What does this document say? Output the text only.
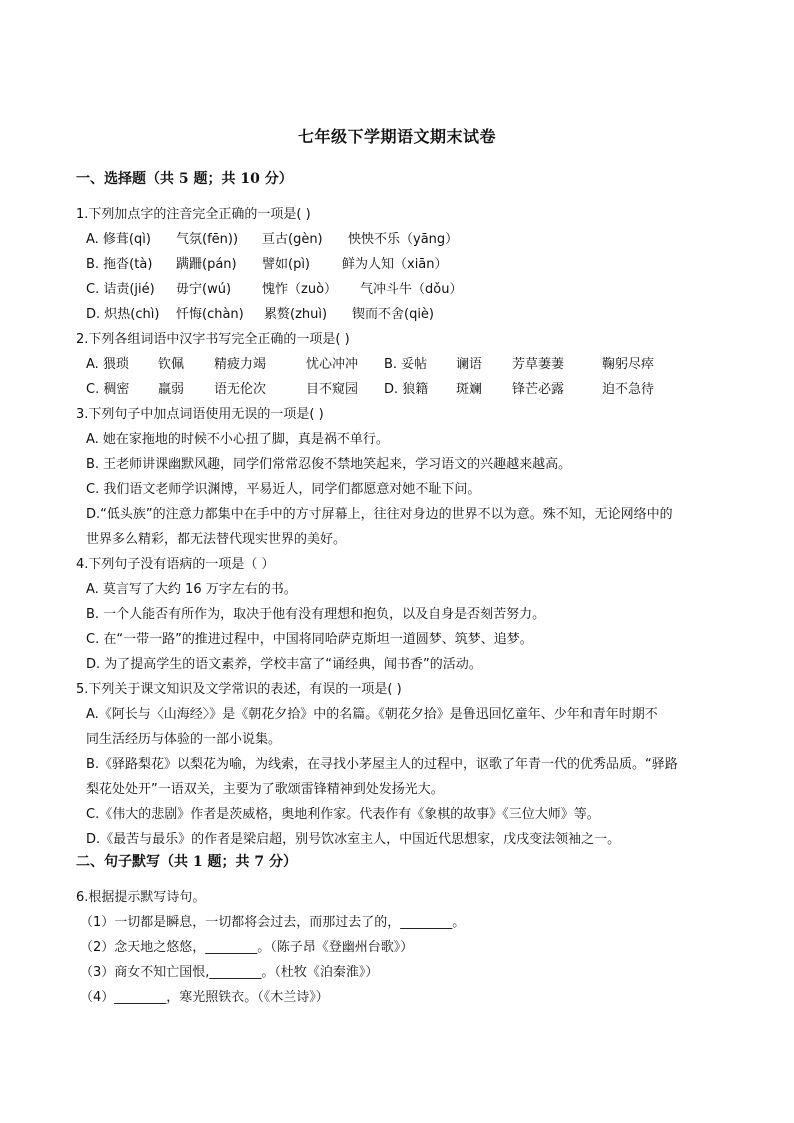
七年级下学期语文期末试卷
一、选择题（共 5 题；共 10 分）
1.下列加点字的注音完全正确的一项是( )
A. 修葺(qì) 气氛(fēn)) 亘古(gèn) 怏怏不乐（yāng）
B. 拖沓(tà) 蹒跚(pán) 譬如(pì) 鲜为人知（xiān）
C. 诘责(jié) 毋宁(wú) 愧怍（zuò） 气冲斗牛（dǒu）
D. 炽热(chì) 忏悔(chàn) 累赘(zhuì) 锲而不舍(qiè)
2.下列各组词语中汉字书写完全正确的一项是( )
A. 猥琐 钦佩 精疲力竭	忧心冲冲 B. 妥帖 谰语 芳草萋萋	鞠躬尽瘁
C. 稠密 羸弱 语无伦次	目不窥园 D. 狼籍 斑斓 锋芒必露	迫不急待
3.下列句子中加点词语使用无误的一项是( )
A. 她在家拖地的时候不小心扭了脚，真是祸不单行。
B. 王老师讲课幽默风趣，同学们常常忍俊不禁地笑起来，学习语文的兴趣越来越高。
C. 我们语文老师学识渊博，平易近人，同学们都愿意对她不耻下问。
D.“低头族”的注意力都集中在手中的方寸屏幕上，往往对身边的世界不以为意。殊不知，无论网络中的
世界多么精彩，都无法替代现实世界的美好。
4.下列句子没有语病的一项是（ ）
A. 莫言写了大约 16 万字左右的书。
B. 一个人能否有所作为，取决于他有没有理想和抱负，以及自身是否刻苦努力。
C. 在“一带一路”的推进过程中，中国将同哈萨克斯坦一道圆梦、筑梦、追梦。
D. 为了提高学生的语文素养，学校丰富了“诵经典，闻书香”的活动。
5.下列关于课文知识及文学常识的表述，有误的一项是( )
A.《阿长与〈山海经〉》是《朝花夕拾》中的名篇。《朝花夕拾》是鲁迅回忆童年、少年和青年时期不
同生活经历与体验的一部小说集。
B.《驿路梨花》以梨花为喻，为线索，在寻找小茅屋主人的过程中，讴歌了年青一代的优秀品质。“驿路
梨花处处开”一语双关，主要为了歌颂雷锋精神到处发扬光大。
C.《伟大的悲剧》作者是茨威格，奥地利作家。代表作有《象棋的故事》《三位大师》等。
D.《最苦与最乐》的作者是梁启超，别号饮冰室主人，中国近代思想家，戊戌变法领袖之一。
二、句子默写（共 1 题；共 7 分）
6.根据提示默写诗句。
（1）一切都是瞬息，一切都将会过去，而那过去了的，________。
（2）念天地之悠悠，________。（陈子昂《登幽州台歌》）
（3）商女不知亡国恨,________。（杜牧《泊秦淮》）
（4）________，寒光照铁衣。（《木兰诗》）
